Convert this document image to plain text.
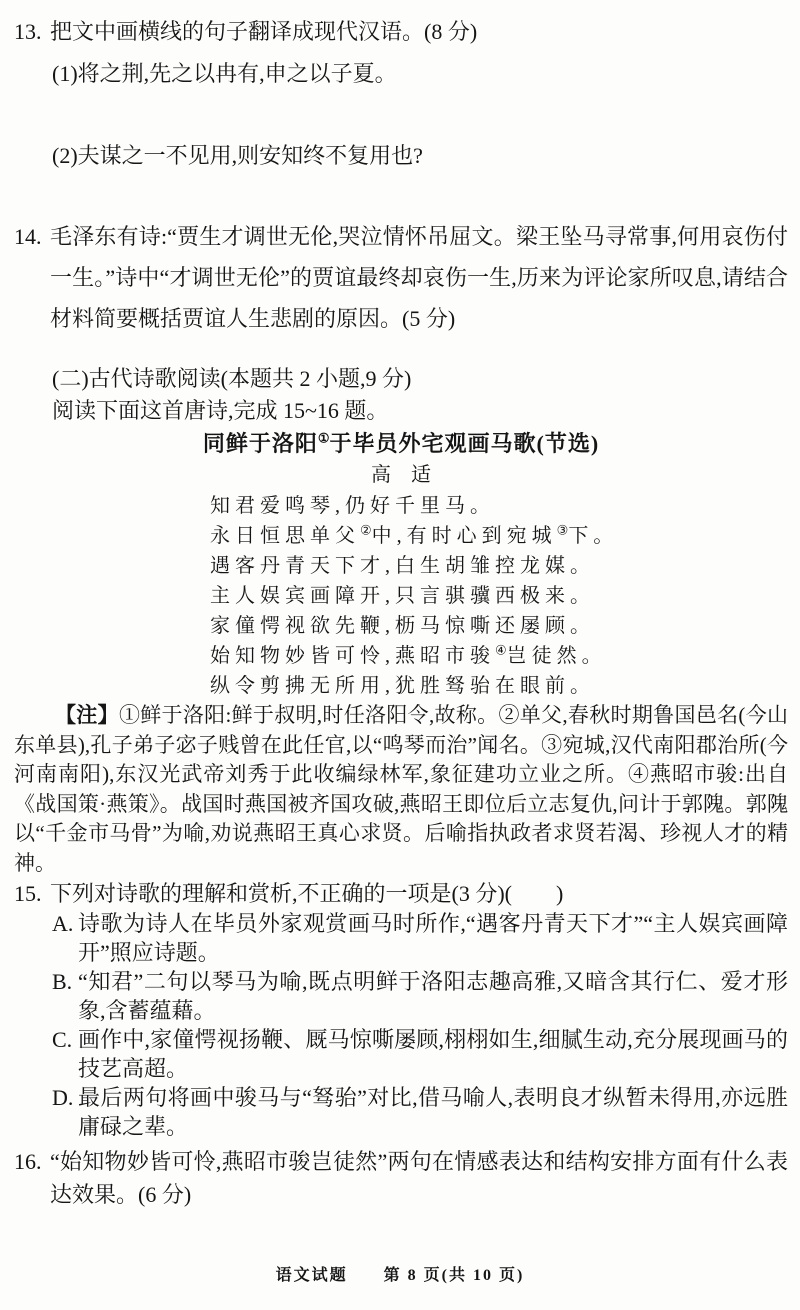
13. 把文中画横线的句子翻译成现代汉语。(8 分)
(1)将之荆,先之以冉有,申之以子夏。
(2)夫谋之一不见用,则安知终不复用也?
14. 毛泽东有诗:“贾生才调世无伦,哭泣情怀吊屈文。梁王坠马寻常事,何用哀伤付一生。”诗中“才调世无伦”的贾谊最终却哀伤一生,历来为评论家所叹息,请结合材料简要概括贾谊人生悲剧的原因。(5 分)
(二)古代诗歌阅读(本题共 2 小题,9 分)
阅读下面这首唐诗,完成 15~16 题。
同鲜于洛阳①于毕员外宅观画马歌(节选)
高　适
知君爱鸣琴,仍好千里马。
永日恒思单父②中,有时心到宛城③下。
遇客丹青天下才,白生胡雏控龙媒。
主人娱宾画障开,只言骐骥西极来。
家僮愕视欲先鞭,枥马惊嘶还屡顾。
始知物妙皆可怜,燕昭市骏④岂徒然。
纵令剪拂无所用,犹胜驽骀在眼前。

【注】①鲜于洛阳:鲜于叔明,时任洛阳令,故称。②单父,春秋时期鲁国邑名(今山东单县),孔子弟子宓子贱曾在此任官,以“鸣琴而治”闻名。③宛城,汉代南阳郡治所(今河南南阳),东汉光武帝刘秀于此收编绿林军,象征建功立业之所。④燕昭市骏:出自《战国策·燕策》。战国时燕国被齐国攻破,燕昭王即位后立志复仇,问计于郭隗。郭隗以“千金市马骨”为喻,劝说燕昭王真心求贤。后喻指执政者求贤若渴、珍视人才的精神。

15. 下列对诗歌的理解和赏析,不正确的一项是(3 分)(　　)
A. 诗歌为诗人在毕员外家观赏画马时所作,“遇客丹青天下才”“主人娱宾画障开”照应诗题。
B. “知君”二句以琴马为喻,既点明鲜于洛阳志趣高雅,又暗含其行仁、爱才形象,含蓄蕴藉。
C. 画作中,家僮愕视扬鞭、厩马惊嘶屡顾,栩栩如生,细腻生动,充分展现画马的技艺高超。
D. 最后两句将画中骏马与“驽骀”对比,借马喻人,表明良才纵暂未得用,亦远胜庸碌之辈。
16. “始知物妙皆可怜,燕昭市骏岂徒然”两句在情感表达和结构安排方面有什么表达效果。(6 分)
语文试题　　第 8 页(共 10 页)
